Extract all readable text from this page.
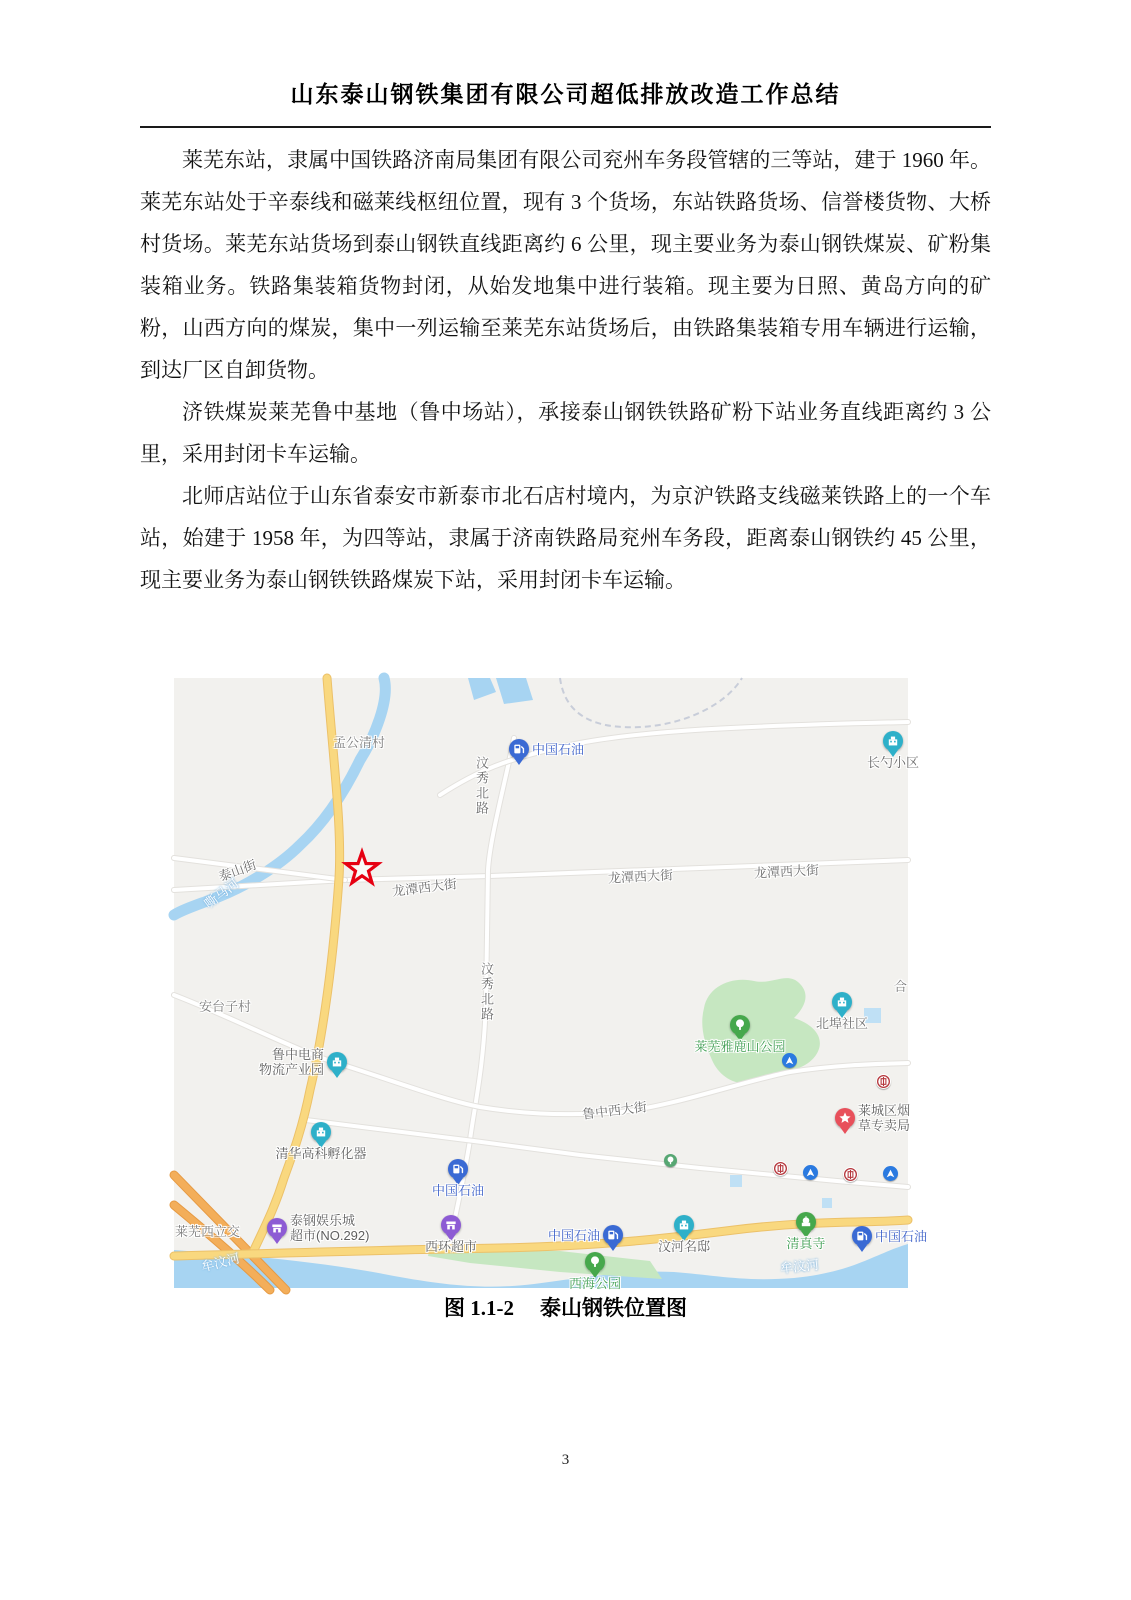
山东泰山钢铁集团有限公司超低排放改造工作总结

莱芜东站，隶属中国铁路济南局集团有限公司兖州车务段管辖的三等站，建于 1960 年。莱芜东站处于辛泰线和磁莱线枢纽位置，现有 3 个货场，东站铁路货场、信誉楼货物、大桥村货场。莱芜东站货场到泰山钢铁直线距离约 6 公里，现主要业务为泰山钢铁煤炭、矿粉集装箱业务。铁路集装箱货物封闭，从始发地集中进行装箱。现主要为日照、黄岛方向的矿粉，山西方向的煤炭，集中一列运输至莱芜东站货场后，由铁路集装箱专用车辆进行运输，到达厂区自卸货物。

济铁煤炭莱芜鲁中基地（鲁中场站），承接泰山钢铁铁路矿粉下站业务直线距离约 3 公里，采用封闭卡车运输。

北师店站位于山东省泰安市新泰市北石店村境内，为京沪铁路支线磁莱铁路上的一个车站，始建于 1958 年，为四等站，隶属于济南铁路局兖州车务段，距离泰山钢铁约 45 公里，现主要业务为泰山钢铁铁路煤炭下站，采用封闭卡车运输。

孟公清村
泰山街
嘶马河	龙潭西大街	龙潭西大街	龙潭西大街
汶秀北路
汶秀北路
安台子村
鲁中西大街
合
莱芜西立交
牟汶河	牟汶河
中国石油
长勺小区
鲁中电商
物流产业园
莱芜雅鹿山公园
北埠社区
莱城区烟
草专卖局
清华高科孵化器
中国石油
泰钢娱乐城
超市(NO.292)
西环超市
中国石油
汶河名邸	清真寺	中国石油
西海公园
图 1.1-2 泰山钢铁位置图
3
